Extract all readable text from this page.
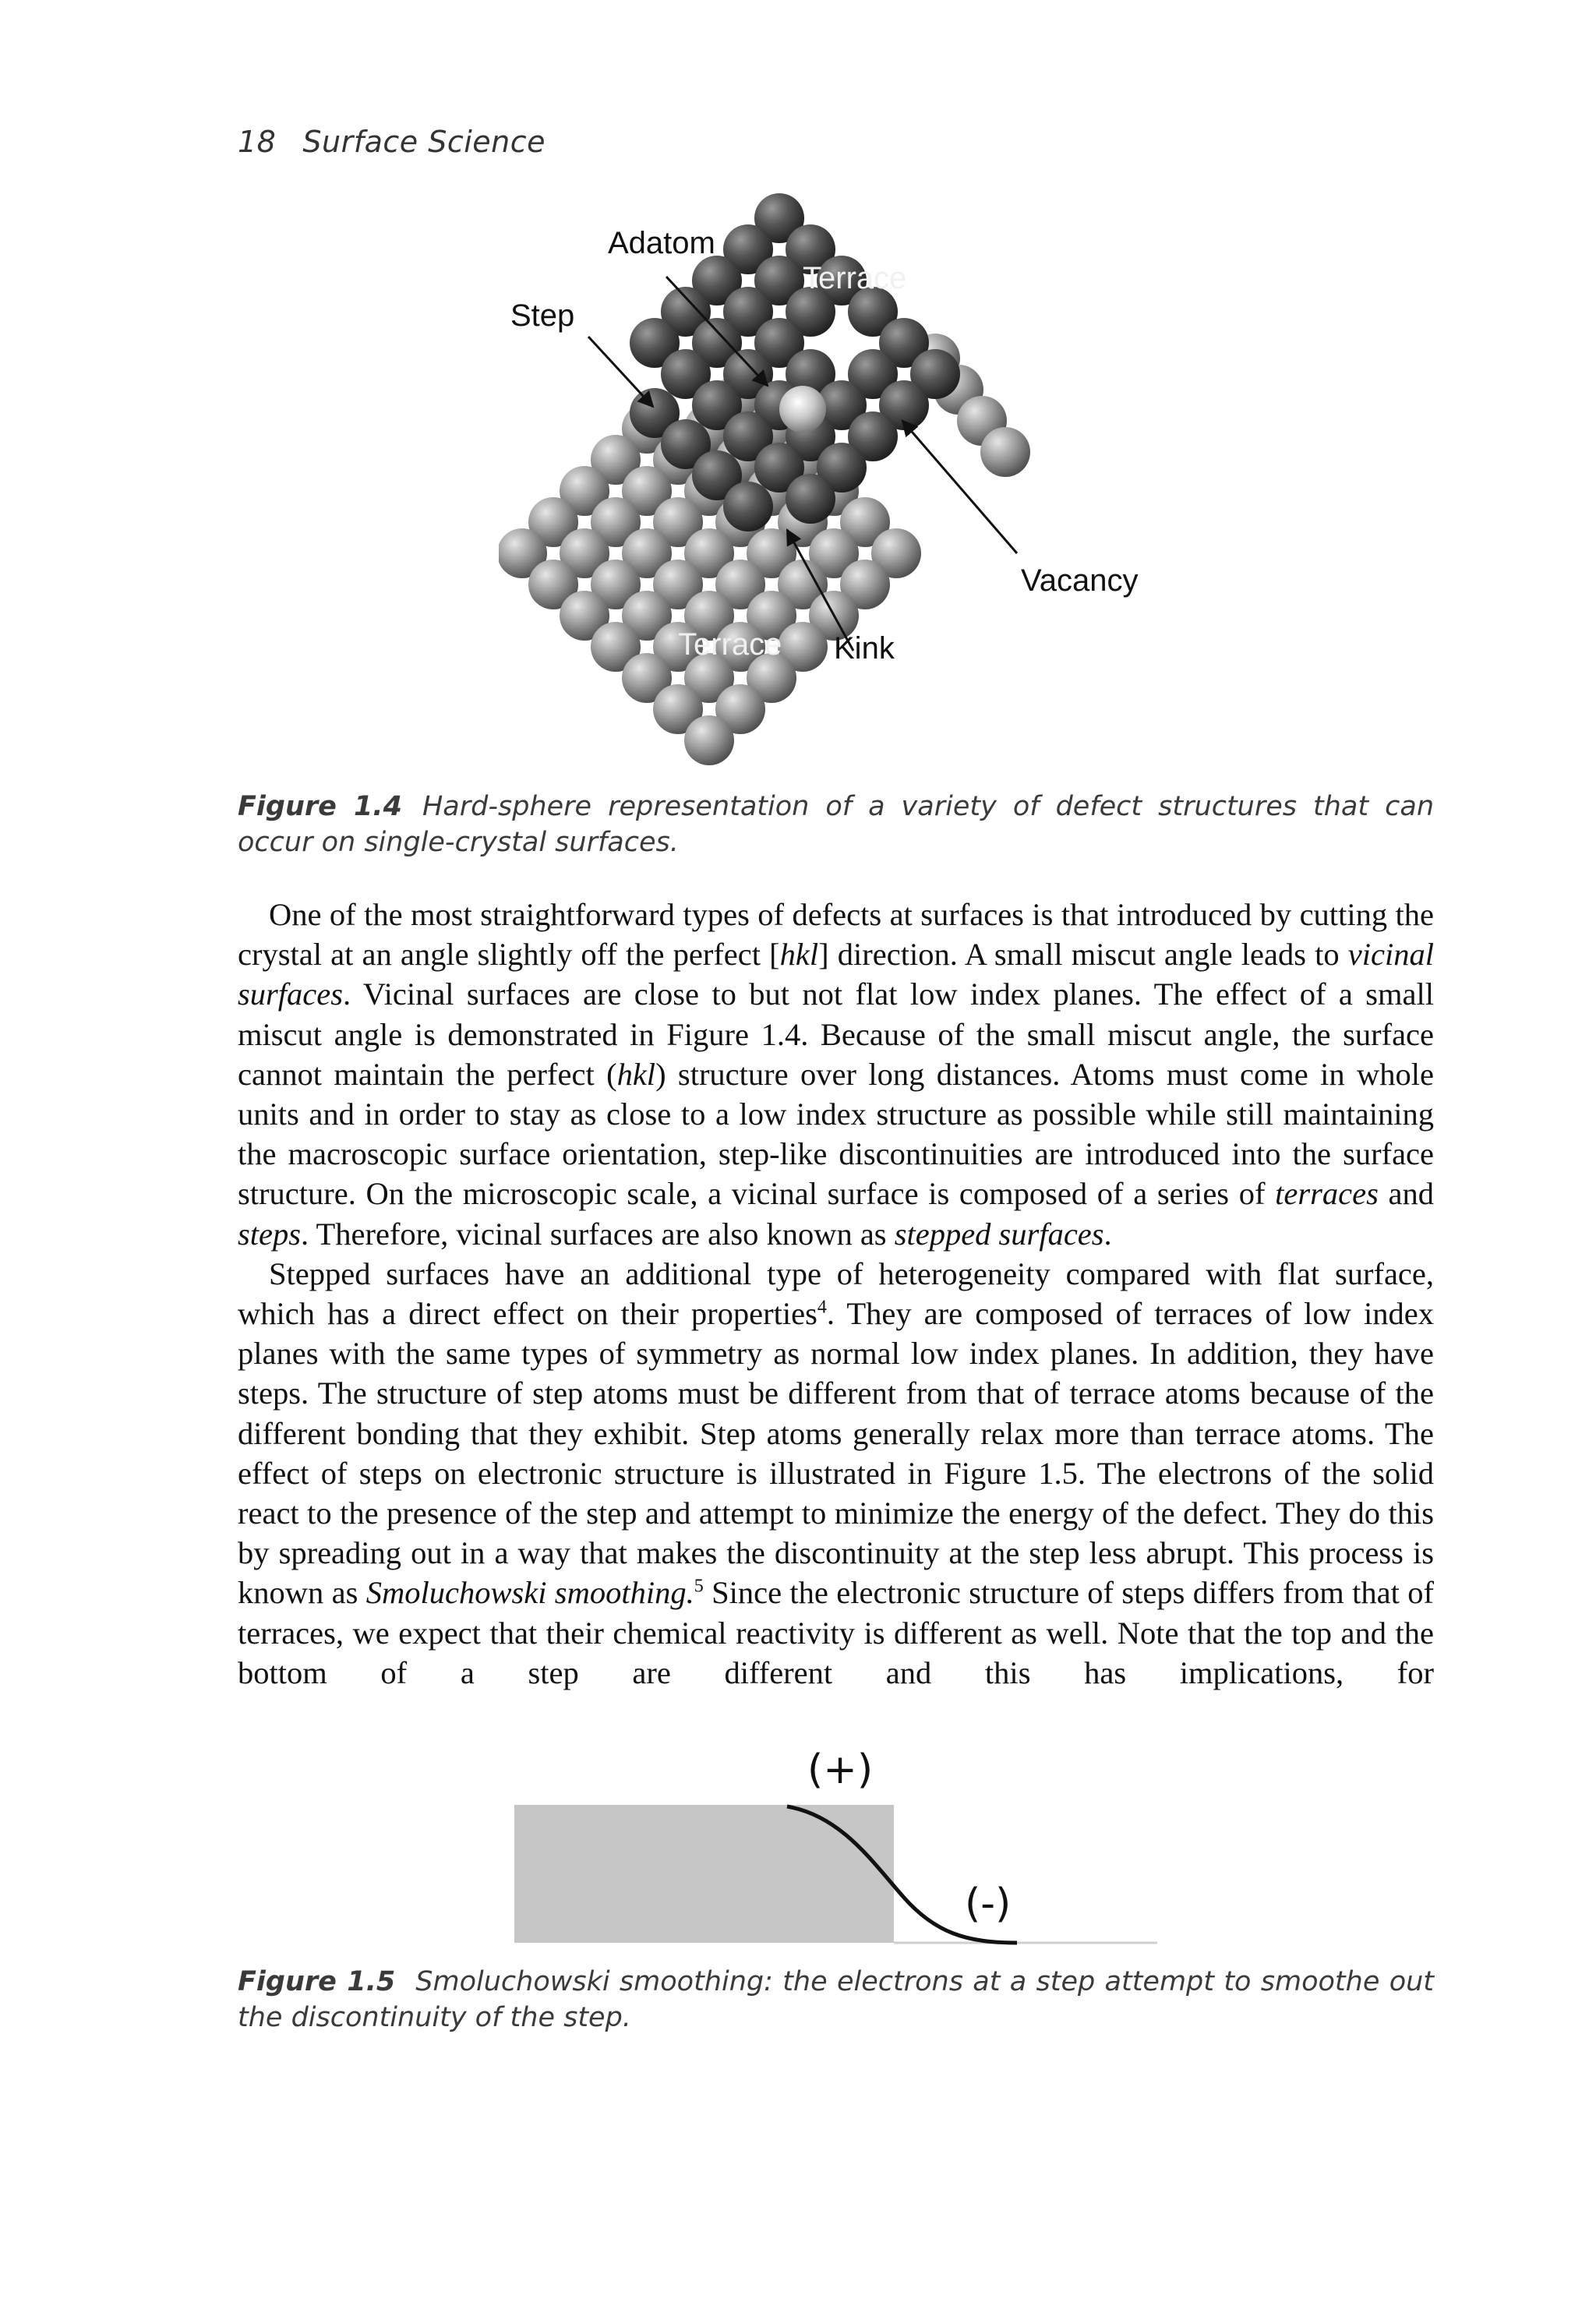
18 Surface Science
Adatom
Step
Terrace
Vacancy
Terrace Kink
Figure 1.4 Hard-sphere representation of a variety of defect structures that can occur on single-crystal surfaces.

One of the most straightforward types of defects at surfaces is that introduced by cutting the crystal at an angle slightly off the perfect [hkl] direction. A small miscut angle leads to vicinal surfaces. Vicinal surfaces are close to but not flat low index planes. The effect of a small miscut angle is demonstrated in Figure 1.4. Because of the small miscut angle, the surface cannot maintain the perfect (hkl) structure over long distances. Atoms must come in whole units and in order to stay as close to a low index structure as possible while still maintaining the macroscopic surface orientation, step-like discontinuities are introduced into the surface structure. On the microscopic scale, a vicinal surface is composed of a series of terraces and steps. Therefore, vicinal surfaces are also known as stepped surfaces.

Stepped surfaces have an additional type of heterogeneity compared with flat surface, which has a direct effect on their properties$^4$. They are composed of terraces of low index planes with the same types of symmetry as normal low index planes. In addition, they have steps. The structure of step atoms must be different from that of terrace atoms because of the different bonding that they exhibit. Step atoms generally relax more than terrace atoms. The effect of steps on electronic structure is illustrated in Figure 1.5. The electrons of the solid react to the presence of the step and attempt to minimize the energy of the defect. They do this by spreading out in a way that makes the discontinuity at the step less abrupt. This process is known as Smoluchowski smoothing.$^5$ Since the electronic structure of steps differs from that of terraces, we expect that their chemical reactivity is different as well. Note that the top and the bottom of a step are different and this has implications, for

(+)
(-)
Figure 1.5 Smoluchowski smoothing: the electrons at a step attempt to smoothe out the discontinuity of the step.
